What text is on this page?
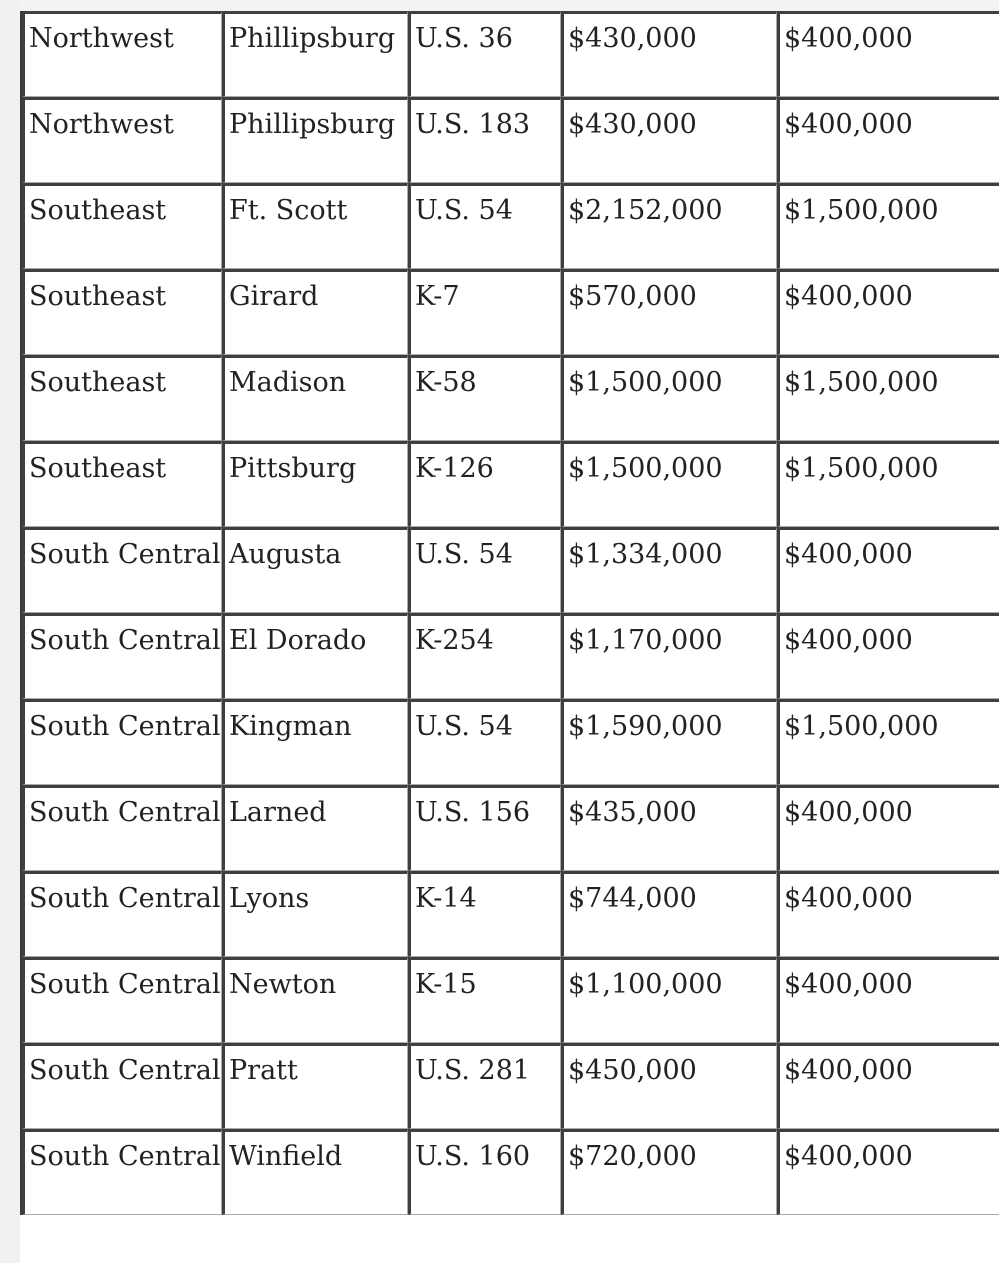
Northwest	Phillipsburg	U.S. 36	$430,000	$400,000
Northwest	Phillipsburg	U.S. 183	$430,000	$400,000
Southeast	Ft. Scott	U.S. 54	$2,152,000	$1,500,000
Southeast	Girard	K-7	$570,000	$400,000
Southeast	Madison	K-58	$1,500,000	$1,500,000
Southeast	Pittsburg	K-126	$1,500,000	$1,500,000
South Central	Augusta	U.S. 54	$1,334,000	$400,000
South Central	El Dorado	K-254	$1,170,000	$400,000
South Central	Kingman	U.S. 54	$1,590,000	$1,500,000
South Central	Larned	U.S. 156	$435,000	$400,000
South Central	Lyons	K-14	$744,000	$400,000
South Central	Newton	K-15	$1,100,000	$400,000
South Central	Pratt	U.S. 281	$450,000	$400,000
South Central	Winfield	U.S. 160	$720,000	$400,000
